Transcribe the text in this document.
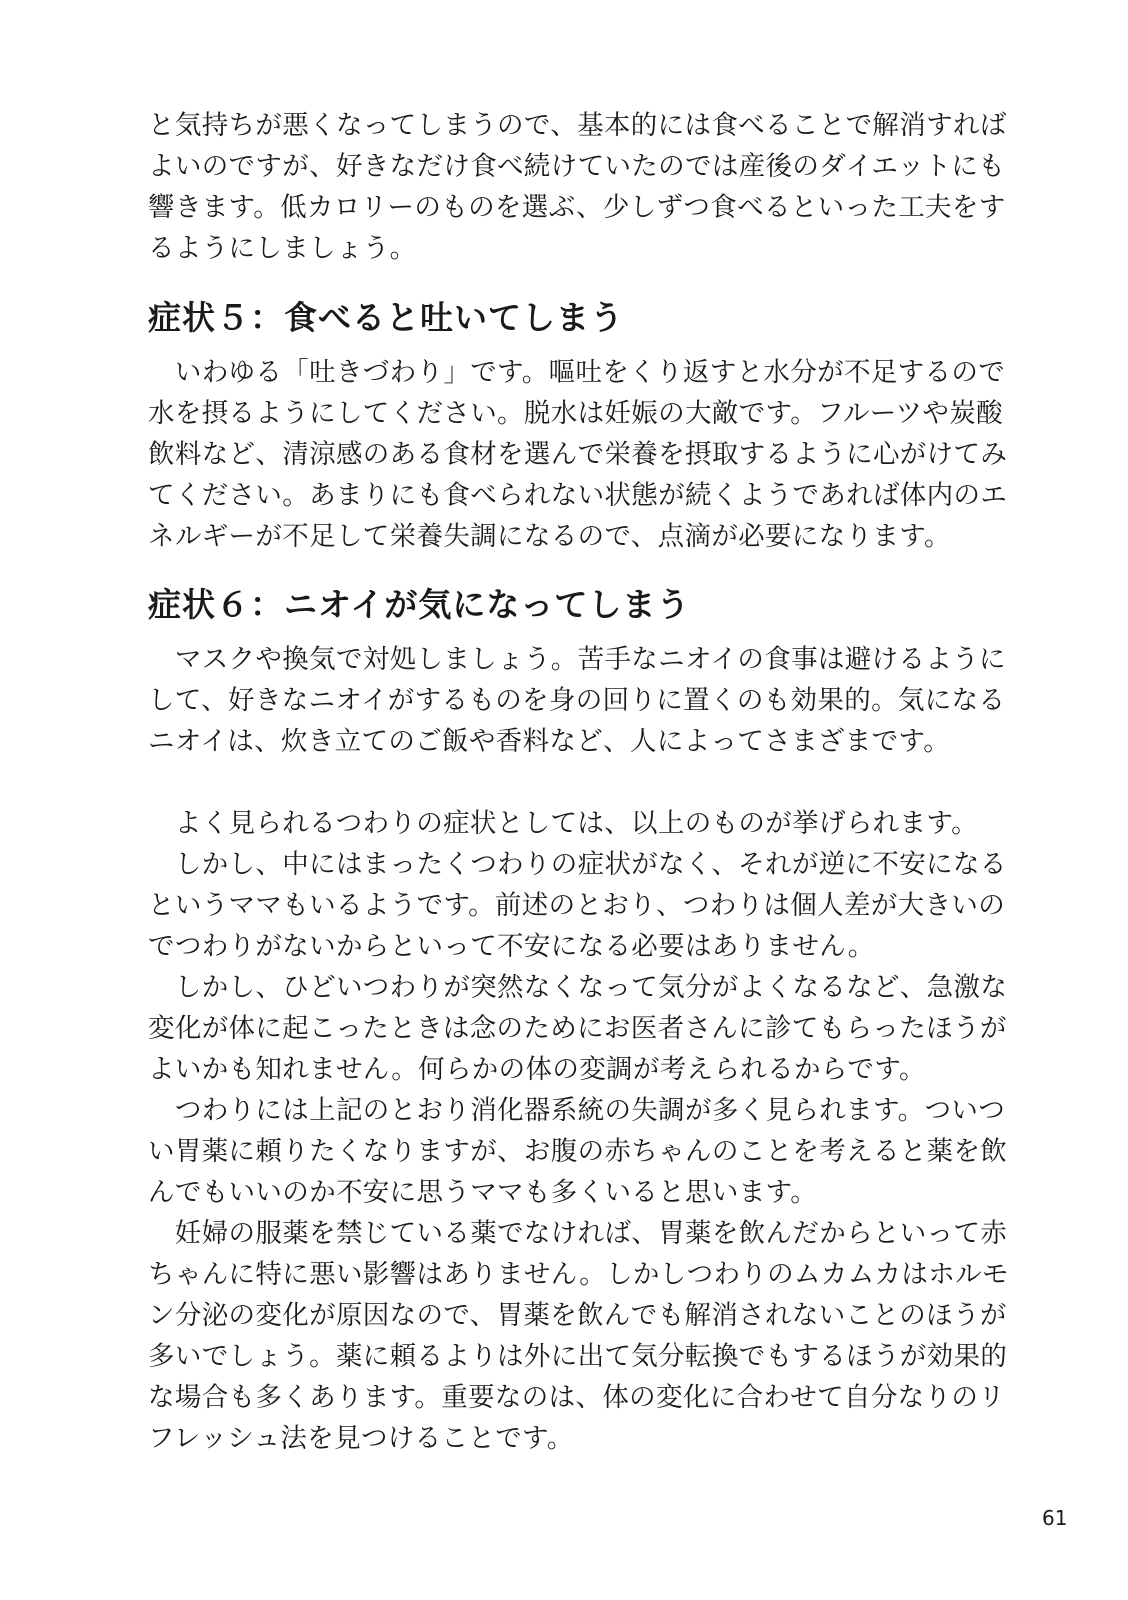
と気持ちが悪くなってしまうので、基本的には食べることで解消すれば
よいのですが、好きなだけ食べ続けていたのでは産後のダイエットにも
響きます。低カロリーのものを選ぶ、少しずつ食べるといった工夫をす
るようにしましょう。
症状５：食べると吐いてしまう
　いわゆる「吐きづわり」です。嘔吐をくり返すと水分が不足するので
水を摂るようにしてください。脱水は妊娠の大敵です。フルーツや炭酸
飲料など、清涼感のある食材を選んで栄養を摂取するように心がけてみ
てください。あまりにも食べられない状態が続くようであれば体内のエ
ネルギーが不足して栄養失調になるので、点滴が必要になります。
症状６：ニオイが気になってしまう
　マスクや換気で対処しましょう。苦手なニオイの食事は避けるように
して、好きなニオイがするものを身の回りに置くのも効果的。気になる
ニオイは、炊き立てのご飯や香料など、人によってさまざまです。
　よく見られるつわりの症状としては、以上のものが挙げられます。
　しかし、中にはまったくつわりの症状がなく、それが逆に不安になる
というママもいるようです。前述のとおり、つわりは個人差が大きいの
でつわりがないからといって不安になる必要はありません。
　しかし、ひどいつわりが突然なくなって気分がよくなるなど、急激な
変化が体に起こったときは念のためにお医者さんに診てもらったほうが
よいかも知れません。何らかの体の変調が考えられるからです。
　つわりには上記のとおり消化器系統の失調が多く見られます。ついつ
い胃薬に頼りたくなりますが、お腹の赤ちゃんのことを考えると薬を飲
んでもいいのか不安に思うママも多くいると思います。
　妊婦の服薬を禁じている薬でなければ、胃薬を飲んだからといって赤
ちゃんに特に悪い影響はありません。しかしつわりのムカムカはホルモ
ン分泌の変化が原因なので、胃薬を飲んでも解消されないことのほうが
多いでしょう。薬に頼るよりは外に出て気分転換でもするほうが効果的
な場合も多くあります。重要なのは、体の変化に合わせて自分なりのリ
フレッシュ法を見つけることです。
61
